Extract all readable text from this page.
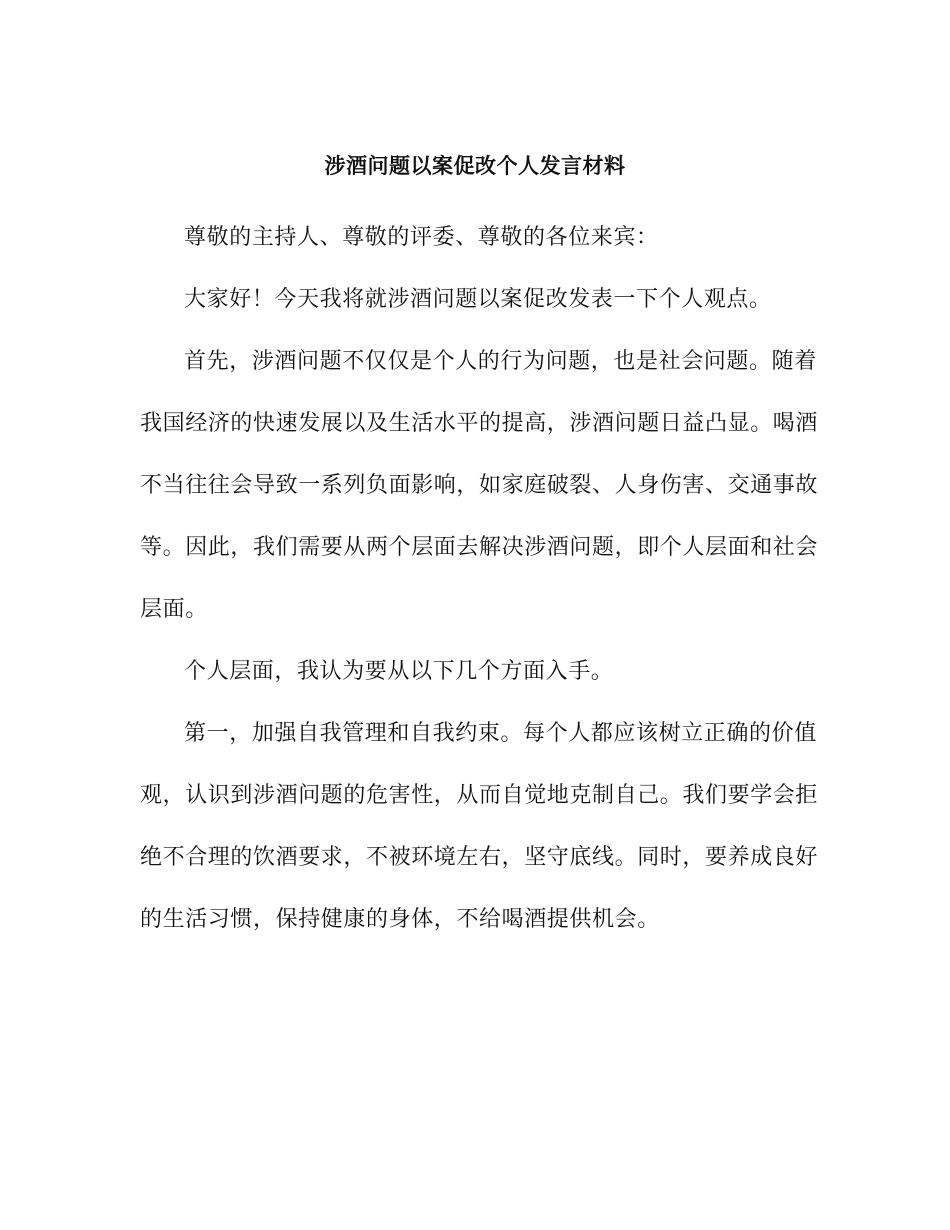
涉酒问题以案促改个人发言材料

尊敬的主持人、尊敬的评委、尊敬的各位来宾：

大家好！今天我将就涉酒问题以案促改发表一下个人观点。

首先，涉酒问题不仅仅是个人的行为问题，也是社会问题。随着我国经济的快速发展以及生活水平的提高，涉酒问题日益凸显。喝酒不当往往会导致一系列负面影响，如家庭破裂、人身伤害、交通事故等。因此，我们需要从两个层面去解决涉酒问题，即个人层面和社会层面。

个人层面，我认为要从以下几个方面入手。

第一，加强自我管理和自我约束。每个人都应该树立正确的价值观，认识到涉酒问题的危害性，从而自觉地克制自己。我们要学会拒绝不合理的饮酒要求，不被环境左右，坚守底线。同时，要养成良好的生活习惯，保持健康的身体，不给喝酒提供机会。
